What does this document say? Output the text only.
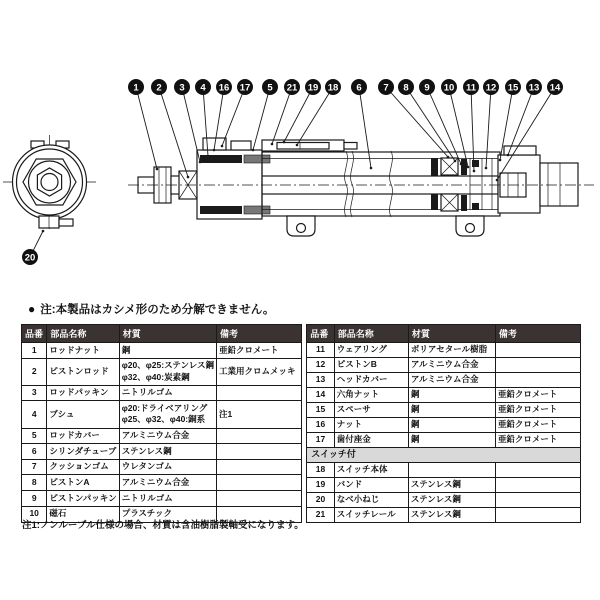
1 2 3 4 16 17 5 21 19 18 6 7 8 9 10 11 12 15 13 14
20
● 注:本製品はカシメ形のため分解できません。
品番	部品名称	材質	備考
1	ロッドナット	鋼	亜鉛クロメート
2	ピストンロッド	φ20、φ25:ステンレス鋼
φ32、φ40:炭素鋼	工業用クロムメッキ
3	ロッドパッキン	ニトリルゴム	
4	ブシュ	φ20:ドライベアリング
φ25、φ32、φ40:銅系	注1
5	ロッドカバー	アルミニウム合金	
6	シリンダチューブ	ステンレス鋼	
7	クッションゴム	ウレタンゴム	
8	ピストンA	アルミニウム合金	
9	ピストンパッキン	ニトリルゴム	
10	磁石	プラスチック	
品番	部品名称	材質	備考
11	ウェアリング	ポリアセタール樹脂	
12	ピストンB	アルミニウム合金	
13	ヘッドカバー	アルミニウム合金	
14	六角ナット	鋼	亜鉛クロメート
15	スペーサ	鋼	亜鉛クロメート
16	ナット	鋼	亜鉛クロメート
17	歯付座金	鋼	亜鉛クロメート
スイッチ付			
18	スイッチ本体		
19	バンド	ステンレス鋼	
20	なべ小ねじ	ステンレス鋼	
21	スイッチレール	ステンレス鋼	
注1:ノンルーブル仕様の場合、材質は含油樹脂製軸受になります。
